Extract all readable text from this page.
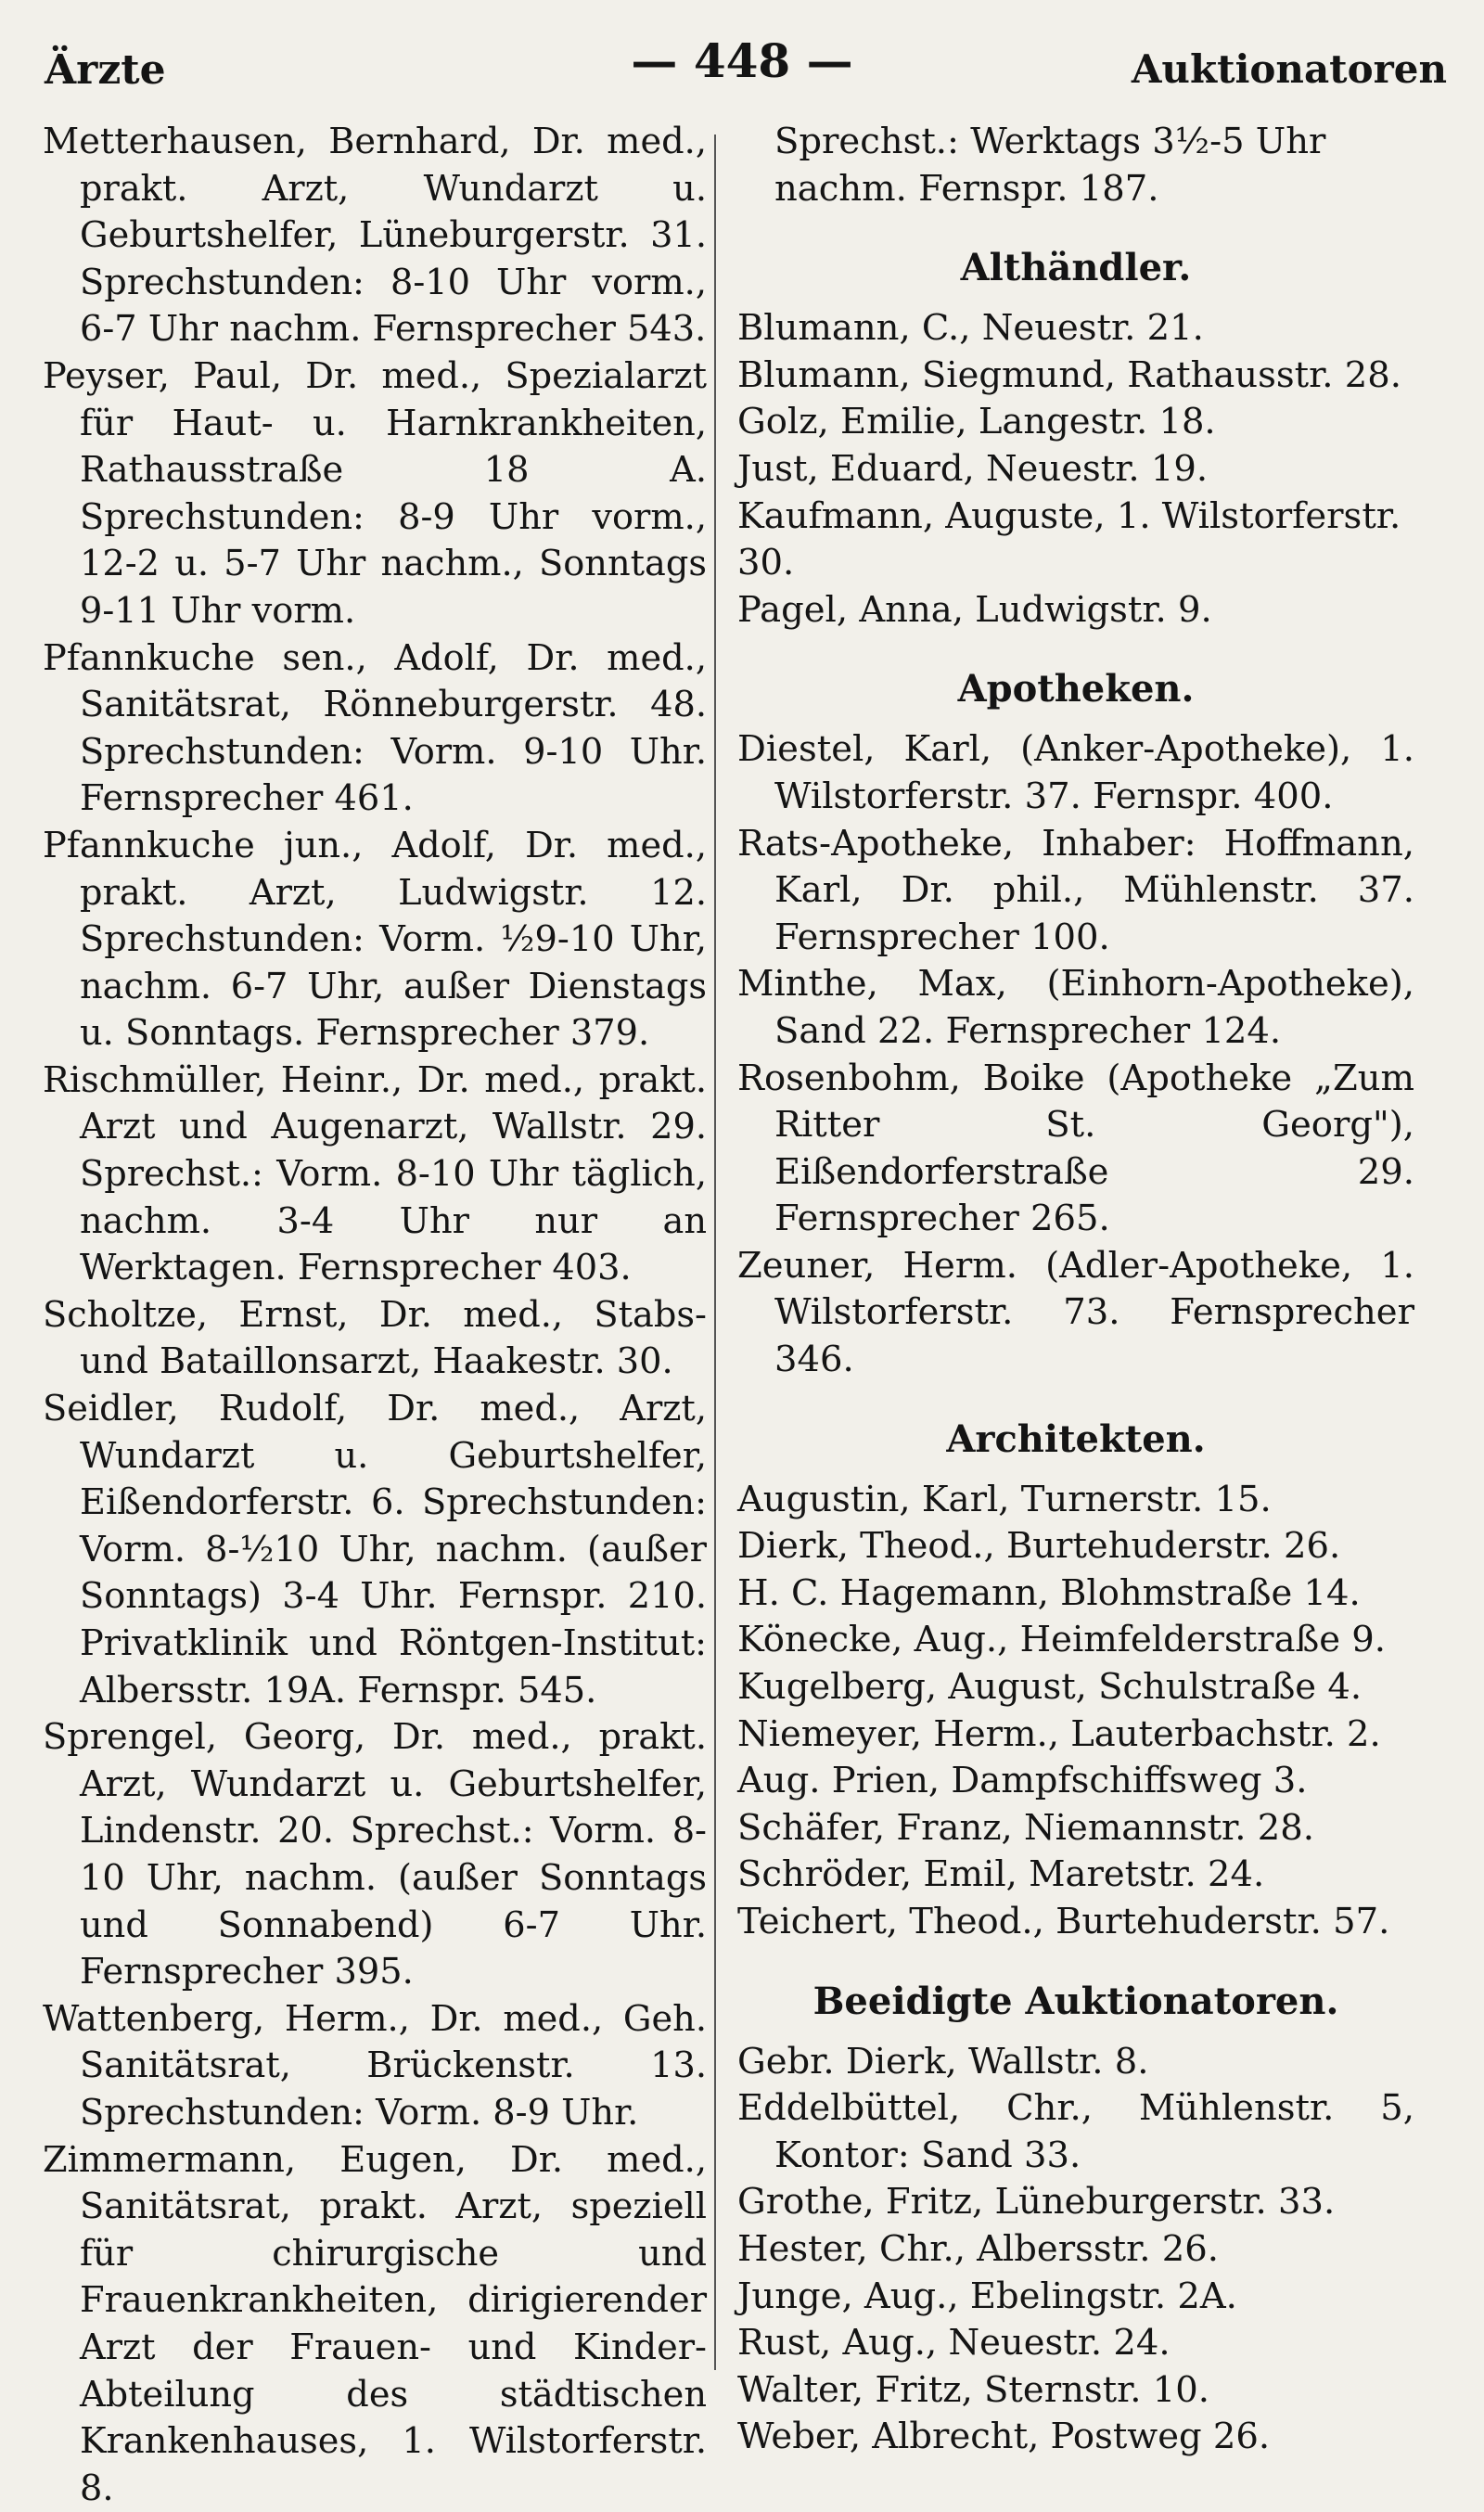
Ärzte	— 448 —	Auktionatoren

Metterhausen, Bernhard, Dr. med., prakt. Arzt, Wundarzt u. Geburtshelfer, Lüneburgerstr. 31. Sprechstunden: 8-10 Uhr vorm., 6-7 Uhr nachm. Fernsprecher 543.

Peyser, Paul, Dr. med., Spezialarzt für Haut- u. Harnkrankheiten, Rathausstraße 18 A. Sprechstunden: 8-9 Uhr vorm., 12-2 u. 5-7 Uhr nachm., Sonntags 9-11 Uhr vorm.

Pfannkuche sen., Adolf, Dr. med., Sanitätsrat, Rönneburgerstr. 48. Sprechstunden: Vorm. 9-10 Uhr. Fernsprecher 461.

Pfannkuche jun., Adolf, Dr. med., prakt. Arzt, Ludwigstr. 12. Sprechstunden: Vorm. ½9-10 Uhr, nachm. 6-7 Uhr, außer Dienstags u. Sonntags. Fernsprecher 379.

Rischmüller, Heinr., Dr. med., prakt. Arzt und Augenarzt, Wallstr. 29. Sprechst.: Vorm. 8-10 Uhr täglich, nachm. 3-4 Uhr nur an Werktagen. Fernsprecher 403.

Scholtze, Ernst, Dr. med., Stabs- und Bataillonsarzt, Haakestr. 30.

Seidler, Rudolf, Dr. med., Arzt, Wundarzt u. Geburtshelfer, Eißendorferstr. 6. Sprechstunden: Vorm. 8-½10 Uhr, nachm. (außer Sonntags) 3-4 Uhr. Fernspr. 210. Privatklinik und Röntgen-Institut: Albersstr. 19A. Fernspr. 545.

Sprengel, Georg, Dr. med., prakt. Arzt, Wundarzt u. Geburtshelfer, Lindenstr. 20. Sprechst.: Vorm. 8-10 Uhr, nachm. (außer Sonntags und Sonnabend) 6-7 Uhr. Fernsprecher 395.

Wattenberg, Herm., Dr. med., Geh. Sanitätsrat, Brückenstr. 13. Sprechstunden: Vorm. 8-9 Uhr.

Zimmermann, Eugen, Dr. med., Sanitätsrat, prakt. Arzt, speziell für chirurgische und Frauenkrankheiten, dirigierender Arzt der Frauen- und Kinder-Abteilung des städtischen Krankenhauses, 1. Wilstorferstr. 8.

Sprechst.: Werktags 3½-5 Uhr nachm. Fernspr. 187.

Althändler.

Blumann, C., Neuestr. 21.

Blumann, Siegmund, Rathausstr. 28.

Golz, Emilie, Langestr. 18.

Just, Eduard, Neuestr. 19.

Kaufmann, Auguste, 1. Wilstorferstr. 30.

Pagel, Anna, Ludwigstr. 9.

Apotheken.

Diestel, Karl, (Anker-Apotheke), 1. Wilstorferstr. 37. Fernspr. 400.

Rats-Apotheke, Inhaber: Hoffmann, Karl, Dr. phil., Mühlenstr. 37. Fernsprecher 100.

Minthe, Max, (Einhorn-Apotheke), Sand 22. Fernsprecher 124.

Rosenbohm, Boike (Apotheke „Zum Ritter St. Georg"), Eißendorferstraße 29. Fernsprecher 265.

Zeuner, Herm. (Adler-Apotheke, 1. Wilstorferstr. 73. Fernsprecher 346.

Architekten.

Augustin, Karl, Turnerstr. 15.

Dierk, Theod., Burtehuderstr. 26.

H. C. Hagemann, Blohmstraße 14.

Könecke, Aug., Heimfelderstraße 9.

Kugelberg, August, Schulstraße 4.

Niemeyer, Herm., Lauterbachstr. 2.

Aug. Prien, Dampfschiffsweg 3.

Schäfer, Franz, Niemannstr. 28.

Schröder, Emil, Maretstr. 24.

Teichert, Theod., Burtehuderstr. 57.

Beeidigte Auktionatoren.

Gebr. Dierk, Wallstr. 8.

Eddelbüttel, Chr., Mühlenstr. 5, Kontor: Sand 33.

Grothe, Fritz, Lüneburgerstr. 33.

Hester, Chr., Albersstr. 26.

Junge, Aug., Ebelingstr. 2A.

Rust, Aug., Neuestr. 24.

Walter, Fritz, Sternstr. 10.

Weber, Albrecht, Postweg 26.
